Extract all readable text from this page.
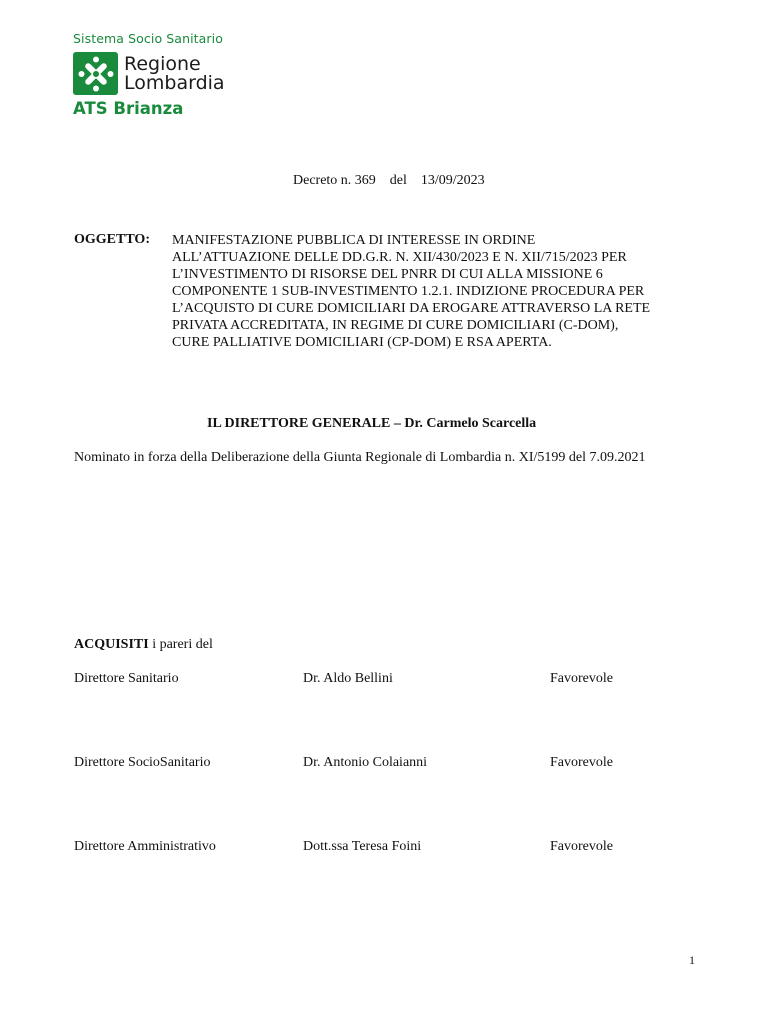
Sistema Socio Sanitario
Regione
Lombardia
ATS Brianza
Decreto n. 369    del    13/09/2023
OGGETTO: MANIFESTAZIONE PUBBLICA DI INTERESSE IN ORDINE
ALL’ATTUAZIONE DELLE DD.G.R. N. XII/430/2023 E N. XII/715/2023 PER
L’INVESTIMENTO DI RISORSE DEL PNRR DI CUI ALLA MISSIONE 6
COMPONENTE 1 SUB-INVESTIMENTO 1.2.1. INDIZIONE PROCEDURA PER
L’ACQUISTO DI CURE DOMICILIARI DA EROGARE ATTRAVERSO LA RETE
PRIVATA ACCREDITATA, IN REGIME DI CURE DOMICILIARI (C-DOM),
CURE PALLIATIVE DOMICILIARI (CP-DOM) E RSA APERTA.
IL DIRETTORE GENERALE – Dr. Carmelo Scarcella
Nominato in forza della Deliberazione della Giunta Regionale di Lombardia n. XI/5199 del 7.09.2021
ACQUISITI i pareri del
Direttore Sanitario	Dr. Aldo Bellini	Favorevole
Direttore SocioSanitario	Dr. Antonio Colaianni	Favorevole
Direttore Amministrativo	Dott.ssa Teresa Foini	Favorevole
1
